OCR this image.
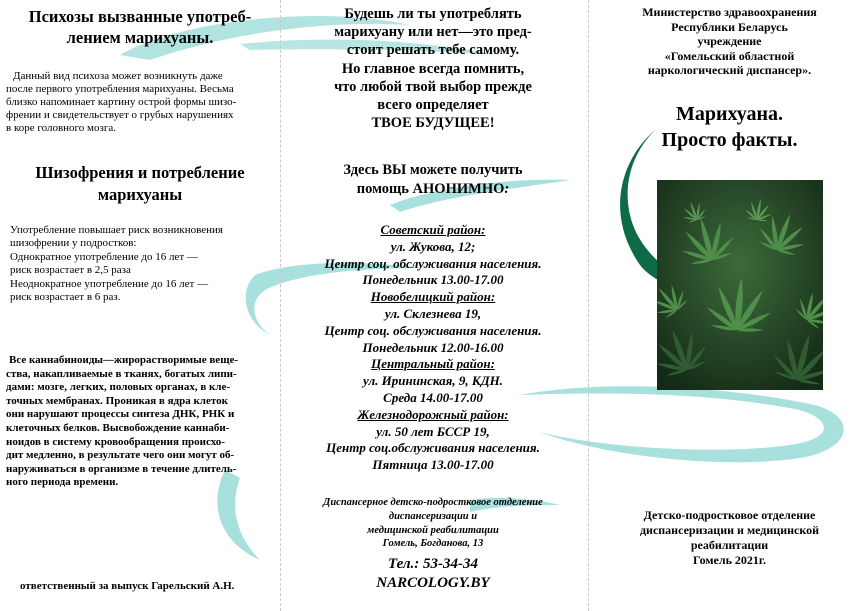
Психозы вызванные употреб-
лением марихуаны.
Данный вид психоза может возникнуть даже
после первого употребления марихуаны. Весьма
близко напоминает картину острой формы шизо-
френии и свидетельствует о грубых нарушениях
в коре головного мозга.
Шизофрения и потребление
марихуаны
Употребление повышает риск возникновения
шизофрении у подростков:
Однократное употребление до 16 лет —
риск возрастает в 2,5 раза
Неоднократное употребление до 16 лет —
риск возрастает в 6 раз.
Все каннабиноиды—жирорастворимые веще-
ства, накапливаемые в тканях, богатых липи-
дами: мозге, легких, половых органах, в кле-
точных мембранах. Проникая в ядра клеток
они нарушают процессы синтеза ДНК, РНК и
клеточных белков. Высвобождение каннаби-
ноидов в систему кровообращения происхо-
дит медленно, в результате чего они могут об-
наруживаться в организме в течение длитель-
ного периода времени.
ответственный за выпуск Гарельский А.Н.
Будешь ли ты употреблять
марихуану или нет—это пред-
стоит решать тебе самому.
Но главное всегда помнить,
что любой твой выбор прежде
всего определяет
ТВОЕ БУДУЩЕЕ!
Здесь ВЫ можете получить
помощь АНОНИМНО:
Советский район:
ул. Жукова, 12;
Центр соц. обслуживания населения.
Понедельник 13.00-17.00
Новобелицкий район:
ул. Склезнева 19,
Центр соц. обслуживания населения.
Понедельник 12.00-16.00
Центральный район:
ул. Ирининская, 9, КДН.
Среда 14.00-17.00
Железнодорожный район:
ул. 50 лет БССР 19,
Центр соц.обслуживания населения.
Пятница 13.00-17.00
Диспансерное детско-подростковое отделение
диспансеризации и
медицинской реабилитации
Гомель, Богданова, 13
Тел.: 53-34-34
NARCOLOGY.BY
Министерство здравоохранения
Республики Беларусь
учреждение
«Гомельский областной
наркологический диспансер».
Марихуана.
Просто факты.
Детско-подростковое отделение
диспансеризации и медицинской
реабилитации
Гомель 2021г.
